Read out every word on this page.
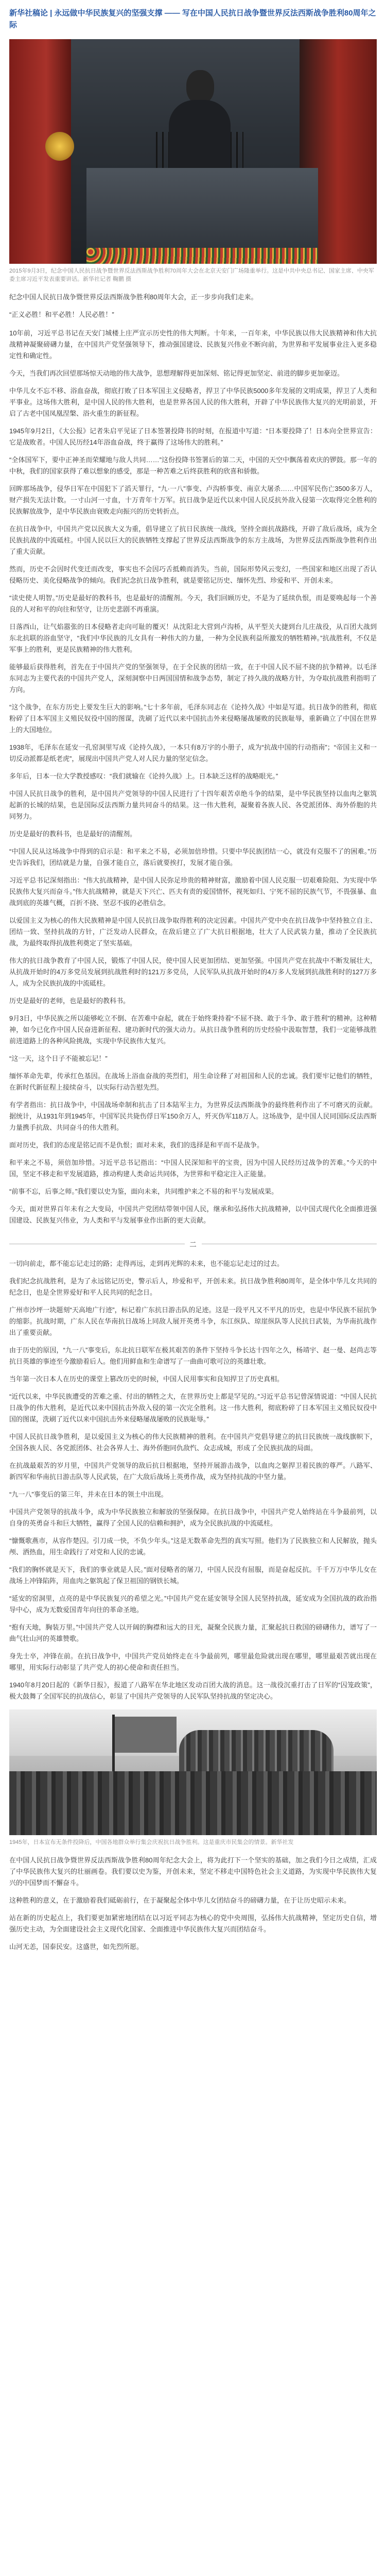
新华社稿论 | 永远做中华民族复兴的坚强支撑 —— 写在中国人民抗日战争暨世界反法西斯战争胜利80周年之际
2015年9月3日，纪念中国人民抗日战争暨世界反法西斯战争胜利70周年大会在北京天安门广场隆重举行。这是中共中央总书记、国家主席、中央军委主席习近平发表重要讲话。新华社记者 鞠鹏 摄

纪念中国人民抗日战争暨世界反法西斯战争胜利80周年大会，正一步步向我们走来。

“正义必胜！和平必胜！人民必胜！”

10年前，习近平总书记在天安门城楼上庄严宣示历史性的伟大判断。十年来，一百年来，中华民族以伟大民族精神和伟大抗战精神凝聚磅礴力量，在中国共产党坚强领导下，推动强国建设、民族复兴伟业不断向前，为世界和平发展事业注入更多稳定性和确定性。

今天，当我们再次回望那场惊天动地的伟大战争，思想理解得更加深刻、铭记得更加坚定、前进的脚步更加豪迈。

中华儿女不忘不移、浴血奋战，彻底打败了日本军国主义侵略者，捍卫了中华民族5000多年发展的文明成果，捍卫了人类和平事业。这场伟大胜利，是中国人民的伟大胜利，也是世界各国人民的伟大胜利，开辟了中华民族伟大复兴的光明前景，开启了古老中国凤凰涅槃、浴火重生的新征程。

1945年9月2日，《大公报》记者朱启平见证了日本签署投降书的时刻，在报道中写道：“日本要投降了！日本向全世界宣告：它是战败者。中国人民历经14年浴血奋战，终于赢得了这场伟大的胜利。”

“全体国军下，要中正神圣而荣耀地与敌人共同……”这份投降书签署后的第二天，中国的天空中飘荡着欢庆的锣鼓。那一年的中秋，我们的国家获得了难以想象的感受，那是一种苦难之后终获胜利的欣喜和骄傲。

回眸那场战争，侵华日军在中国犯下了滔天罪行，“九·一八”事变、卢沟桥事变、南京大屠杀……中国军民伤亡3500多万人，财产损失无法计数。一寸山河一寸血，十万青年十万军。抗日战争是近代以来中国人民反抗外敌入侵第一次取得完全胜利的民族解放战争，是中华民族由衰败走向振兴的历史转折点。

在抗日战争中，中国共产党以民族大义为重，倡导建立了抗日民族统一战线，坚持全面抗战路线，开辟了敌后战场，成为全民族抗战的中流砥柱。中国人民以巨大的民族牺牲支撑起了世界反法西斯战争的东方主战场，为世界反法西斯战争胜利作出了重大贡献。

然而，历史不会因时代变迁而改变，事实也不会因巧舌抵赖而消失。当前，国际形势风云变幻，一些国家和地区出现了否认侵略历史、美化侵略战争的倾向。我们纪念抗日战争胜利，就是要铭记历史、缅怀先烈、珍爱和平、开创未来。

“读史使人明智。”历史是最好的教科书，也是最好的清醒剂。今天，我们回顾历史，不是为了延续仇恨，而是要唤起每一个善良的人对和平的向往和坚守，让历史悲剧不再重演。

日落西山，让气焰嚣张的日本侵略者走向可耻的覆灭！从沈阳北大营到卢沟桥，从平型关大捷到台儿庄战役，从百团大战到东北抗联的浴血坚守，“我们中华民族的儿女具有一种伟大的力量，一种为全民族利益所激发的牺牲精神。”抗战胜利，不仅是军事上的胜利，更是民族精神的伟大胜利。

能够最后获得胜利，首先在于中国共产党的坚强领导，在于全民族的团结一致，在于中国人民不屈不挠的抗争精神。以毛泽东同志为主要代表的中国共产党人，深刻洞察中日两国国情和战争态势，制定了持久战的战略方针，为夺取抗战胜利指明了方向。

“这个战争，在东方历史上要发生巨大的影响。”七十多年前，毛泽东同志在《论持久战》中如是写道。抗日战争的胜利，彻底粉碎了日本军国主义殖民奴役中国的图谋，洗刷了近代以来中国抗击外来侵略屡战屡败的民族耻辱，重新确立了中国在世界上的大国地位。

1938年，毛泽东在延安一孔窑洞里写成《论持久战》，一本只有8万字的小册子，成为“抗战中国的行动指南”；“帝国主义和一切反动派都是纸老虎”，展现出中国共产党人对人民力量的坚定信念。

多年后，日本一位大学教授感叹：“我们就输在《论持久战》上。日本缺乏这样的战略眼光。”

中国人民抗日战争的胜利，是中国共产党领导的中国人民进行了十四年艰苦卓绝斗争的结果，是中华民族坚持以血肉之躯筑起新的长城的结果，也是国际反法西斯力量共同奋斗的结果。这一伟大胜利，凝聚着各族人民、各党派团体、海外侨胞的共同努力。

历史是最好的教科书，也是最好的清醒剂。

“中国人民从这场战争中得到的启示是：和平来之不易，必须加倍珍惜。只要中华民族团结一心，就没有克服不了的困难。”历史告诉我们，团结就是力量，自强才能自立，落后就要挨打，发展才能自强。

习近平总书记深刻指出：“伟大抗战精神，是中国人民弥足珍贵的精神财富，激励着中国人民克服一切艰难险阻、为实现中华民族伟大复兴而奋斗。”伟大抗战精神，就是天下兴亡、匹夫有责的爱国情怀，视死如归、宁死不屈的民族气节，不畏强暴、血战到底的英雄气概，百折不挠、坚忍不拔的必胜信念。

以爱国主义为核心的伟大民族精神是中国人民抗日战争取得胜利的决定因素。中国共产党中央在抗日战争中坚持独立自主、团结一致、坚持抗战的方针，广泛发动人民群众，在敌后建立了广大抗日根据地，壮大了人民武装力量，推动了全民族抗战，为最终取得抗战胜利奠定了坚实基础。

伟大的抗日战争教育了中国人民，锻炼了中国人民，使中国人民更加团结、更加坚强。中国共产党在抗战中不断发展壮大，从抗战开始时的4万多党员发展到抗战胜利时的121万多党员，人民军队从抗战开始时的4万多人发展到抗战胜利时的127万多人，成为全民族抗战的中流砥柱。

历史是最好的老师，也是最好的教科书。

9月3日，中华民族之所以能够屹立不倒、在苦难中奋起，就在于始终秉持着“不屈不挠、敢于斗争、敢于胜利”的精神。这种精神，如今已化作中国人民奋进新征程、建功新时代的强大动力。从抗日战争胜利的历史经验中汲取智慧，我们一定能够战胜前进道路上的各种风险挑战，实现中华民族伟大复兴。

“这一天，这个日子不能被忘记！”

缅怀革命先辈，传承红色基因。在战场上浴血奋战的英烈们，用生命诠释了对祖国和人民的忠诚。我们要牢记他们的牺牲，在新时代新征程上接续奋斗，以实际行动告慰先烈。

有学者指出：抗日战争中，中国战场牵制和抗击了日本陆军主力，为世界反法西斯战争的最终胜利作出了不可磨灭的贡献。据统计，从1931年到1945年，中国军民共毙伤俘日军150余万人，歼灭伪军118万人。这场战争，是中国人民同国际反法西斯力量携手抗敌、共同奋斗的伟大胜利。

面对历史，我们的态度是铭记而不是仇恨；面对未来，我们的选择是和平而不是战争。

和平来之不易，须倍加珍惜。习近平总书记指出：“中国人民深知和平的宝贵，因为中国人民经历过战争的苦难。”今天的中国，坚定不移走和平发展道路，推动构建人类命运共同体，为世界和平稳定注入正能量。

“前事不忘，后事之师。”我们要以史为鉴，面向未来，共同维护来之不易的和平与发展成果。

今天，面对世界百年未有之大变局，中国共产党团结带领中国人民，继承和弘扬伟大抗战精神，以中国式现代化全面推进强国建设、民族复兴伟业，为人类和平与发展事业作出新的更大贡献。

二

一切向前走，都不能忘记走过的路；走得再远，走到再光辉的未来，也不能忘记走过的过去。

我们纪念抗战胜利，是为了永远铭记历史，警示后人，珍爱和平，开创未来。抗日战争胜利80周年，是全体中华儿女共同的纪念日，也是全世界爱好和平人民共同的纪念日。

广州市沙坪一块题刻“天高地广行迹”，标记着广东抗日游击队的足迹。这是一段平凡又不平凡的历史，也是中华民族不屈抗争的缩影。抗战时期，广东人民在华南抗日战场上同敌人展开英勇斗争，东江纵队、琼崖纵队等人民抗日武装，为华南抗战作出了重要贡献。

由于历史的原因，“九一八”事变后，东北抗日联军在极其艰苦的条件下坚持斗争长达十四年之久，杨靖宇、赵一曼、赵尚志等抗日英雄的事迹至今激励着后人。他们用鲜血和生命谱写了一曲曲可歌可泣的英雄壮歌。

当年第一次日本人在历史的课堂上篡改历史的时候，中国人民用事实和良知捍卫了历史真相。

“近代以来，中华民族遭受的苦难之重、付出的牺牲之大，在世界历史上都是罕见的。”习近平总书记曾深情说道：“中国人民抗日战争的伟大胜利，是近代以来中国抗击外敌入侵的第一次完全胜利。这一伟大胜利，彻底粉碎了日本军国主义殖民奴役中国的图谋，洗刷了近代以来中国抗击外来侵略屡战屡败的民族耻辱。”

中国人民抗日战争胜利，是以爱国主义为核心的伟大民族精神的胜利。在中国共产党倡导建立的抗日民族统一战线旗帜下，全国各族人民、各党派团体、社会各界人士、海外侨胞同仇敌忾、众志成城，形成了全民族抗战的局面。

在抗战最艰苦的岁月里，中国共产党领导的敌后抗日根据地，坚持开展游击战争，以血肉之躯捍卫着民族的尊严。八路军、新四军和华南抗日游击队等人民武装，在广大敌后战场上英勇作战，成为坚持抗战的中坚力量。

“九一八”事变后的第三年，并未在日本的领土中出现。

中国共产党领导的抗战斗争，成为中华民族独立和解放的坚强保障。在抗日战争中，中国共产党人始终站在斗争最前列，以自身的英勇奋斗和巨大牺牲，赢得了全国人民的信赖和拥护，成为全民族抗战的中流砥柱。

“慷慨歌燕市，从容作楚囚。引刀成一快，不负少年头。”这是无数革命先烈的真实写照。他们为了民族独立和人民解放，抛头颅、洒热血，用生命践行了对党和人民的忠诚。

“我们的胸怀就是天下，我们的事业就是人民。”面对侵略者的屠刀，中国人民没有屈服，而是奋起反抗。千千万万中华儿女在战场上冲锋陷阵，用血肉之躯筑起了保卫祖国的钢铁长城。

“延安的窑洞里，点亮的是中华民族复兴的希望之光。”中国共产党在延安领导全国人民坚持抗战，延安成为全国抗战的政治指导中心，成为无数爱国青年向往的革命圣地。

“抱有天地，胸装万里。”中国共产党人以开阔的胸襟和远大的目光，凝聚全民族力量，汇聚起抗日救国的磅礴伟力，谱写了一曲气壮山河的英雄赞歌。

身先士卒，冲锋在前。在抗日战争中，中国共产党员始终走在斗争最前列，哪里最危险就出现在哪里，哪里最艰苦就出现在哪里，用实际行动彰显了共产党人的初心使命和责任担当。

1940年8月20日起的《新华日报》，报道了八路军在华北地区发动百团大战的消息。这一战役沉重打击了日军的“囚笼政策”，极大鼓舞了全国军民的抗战信心，彰显了中国共产党领导的人民军队坚持抗战的坚定决心。

1945年，日本宣布无条件投降后，中国各地群众举行集会庆祝抗日战争胜利。这是重庆市民集会的情景。新华社发

在中国人民抗日战争暨世界反法西斯战争胜利80周年纪念大会上，将为此打下一个坚实的基础，加之我们今日之成绩，汇成了中华民族伟大复兴的壮丽画卷。我们要以史为鉴，开创未来，坚定不移走中国特色社会主义道路，为实现中华民族伟大复兴的中国梦而不懈奋斗。

这种胜利的意义，在于激励着我们砥砺前行，在于凝聚起全体中华儿女团结奋斗的磅礴力量，在于让历史昭示未来。

站在新的历史起点上，我们要更加紧密地团结在以习近平同志为核心的党中央周围，弘扬伟大抗战精神，坚定历史自信，增强历史主动，为全面建设社会主义现代化国家、全面推进中华民族伟大复兴而团结奋斗。

山河无恙，国泰民安。这盛世，如先烈所愿。
